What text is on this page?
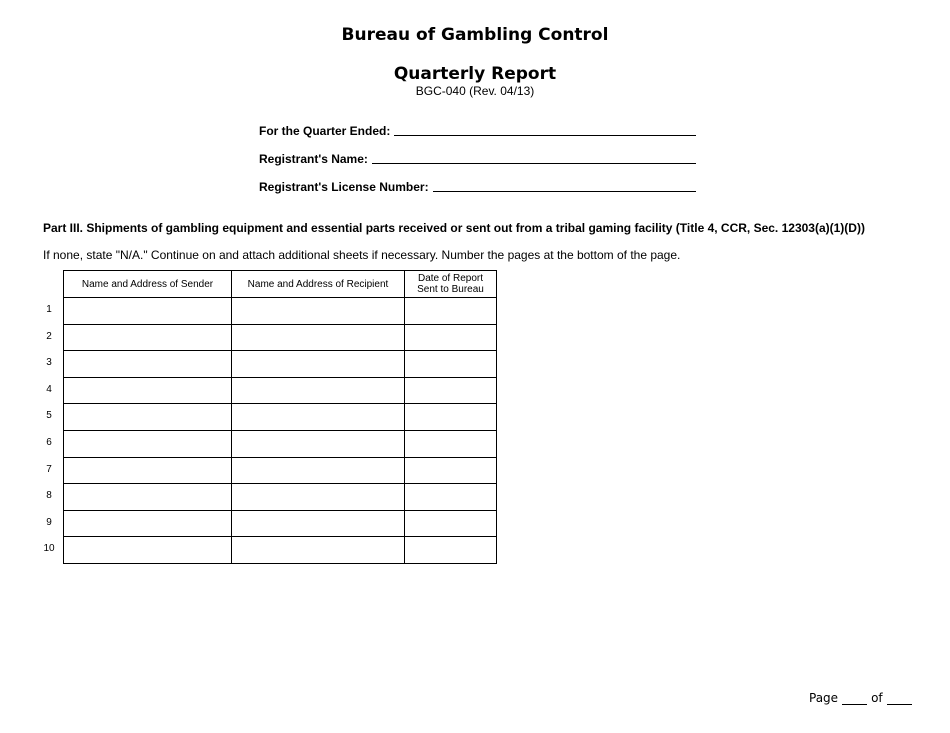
Bureau of Gambling Control
Quarterly Report
BGC-040 (Rev. 04/13)
For the Quarter Ended:
Registrant's Name:
Registrant's License Number:
Part III. Shipments of gambling equipment and essential parts received or sent out from a tribal gaming facility (Title 4, CCR, Sec. 12303(a)(1)(D))
If none, state "N/A." Continue on and attach additional sheets if necessary. Number the pages at the bottom of the page.
1
2
3
4
5
6
7
8
9
10
Name and Address of Sender	Name and Address of Recipient	Date of Report
Sent to Bureau

Page	of
